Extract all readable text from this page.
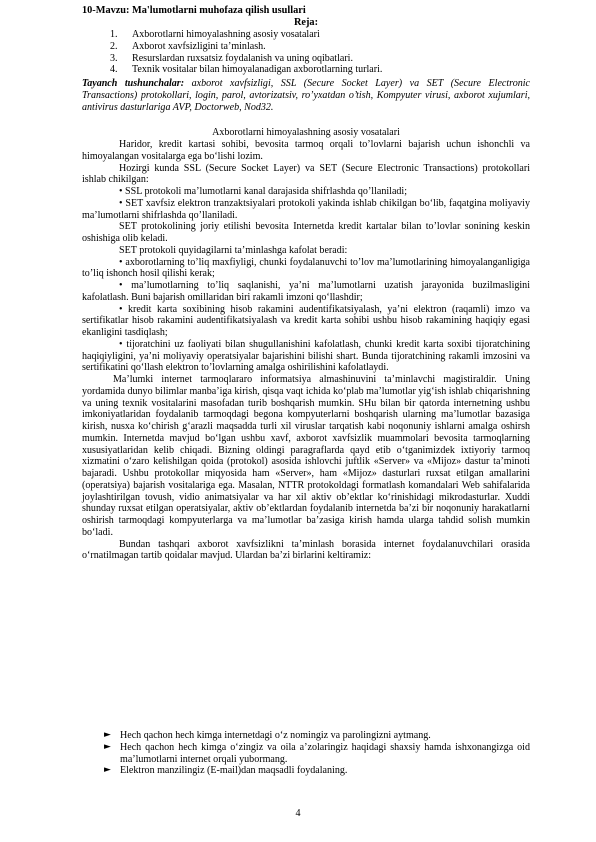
10-Mavzu: Ma'lumotlarni muhofaza qilish usullari
Reja:
1. Axborotlarni himoyalashning asosiy vosatalari
2. Axborot xavfsizligini ta’minlash.
3. Resurslardan ruxsatsiz foydalanish va uning oqibatlari.
4. Texnik vositalar bilan himoyalanadigan axborotlarning turlari.
Tayanch tushunchalar: axborot xavfsizligi, SSL (Secure Socket Layer) va SET (Secure Electronic Transactions) protokollari, login, parol, avtorizatsiv, ro’yxatdan o’tish, Kompyuter virusi, axborot xujumlari, antivirus dasturlariga AVP, Doctorweb, Nod32.
Axborotlarni himoyalashning asosiy vosatalari

Haridor, kredit kartasi sohibi, bevosita tarmoq orqali to’lovlarni bajarish uchun ishonchli va himoyalangan vositalarga ega bo‘lishi lozim.

Hozirgi kunda SSL (Secure Socket Layer) va SET (Secure Electronic Transactions) protokollari ishlab chikilgan:

• SSL protokoli ma’lumotlarni kanal darajasida shifrlashda qo’llaniladi;

• SET xavfsiz elektron tranzaktsiyalari protokoli yakinda ishlab chikilgan bo‘lib, faqatgina moliyaviy ma’lumotlarni shifrlashda qo’llaniladi.

SET protokolining joriy etilishi bevosita Internetda kredit kartalar bilan to’lovlar sonining keskin oshishiga olib keladi.

SET protokoli quyidagilarni ta’minlashga kafolat beradi:

• axborotlarning to’liq maxfiyligi, chunki foydalanuvchi to’lov ma’lumotlarining himoyalanganligiga to’liq ishonch hosil qilishi kerak;

• ma’lumotlarning to’liq saqlanishi, ya’ni ma’lumotlarni uzatish jarayonida buzilmasligini kafolatlash. Buni bajarish omillaridan biri rakamli imzoni qo‘llashdir;

• kredit karta soxibining hisob rakamini audentifikatsiyalash, ya’ni elektron (raqamli) imzo va sertifikatlar hisob rakamini audentifikatsiyalash va kredit karta sohibi ushbu hisob rakamining haqiqiy egasi ekanligini tasdiqlash;

• tijoratchini uz faoliyati bilan shugullanishini kafolatlash, chunki kredit karta soxibi tijoratchining haqiqiyligini, ya’ni moliyaviy operatsiyalar bajarishini bilishi shart. Bunda tijoratchining rakamli imzosini va sertifikatini qo‘llash elektron to’lovlarning amalga oshirilishini kafolatlaydi.

Ma’lumki internet tarmoqlararo informatsiya almashinuvini ta’minlavchi magistiraldir. Uning yordamida dunyo bilimlar manba’iga kirish, qisqa vaqt ichida ko‘plab ma’lumotlar yig‘ish ishlab chiqarishning va uning texnik vositalarini masofadan turib boshqarish mumkin. SHu bilan bir qatorda internetning ushbu imkoniyatlaridan foydalanib tarmoqdagi begona kompyuterlarni boshqarish ularning ma’lumotlar bazasiga kirish, nusxa ko‘chirish g‘arazli maqsadda turli xil viruslar tarqatish kabi noqonuniy ishlarni amalga oshirsh mumkin. Internetda mavjud bo‘lgan ushbu xavf, axborot xavfsizlik muammolari bevosita tarmoqlarning xususiyatlaridan kelib chiqadi. Bizning oldingi paragraflarda qayd etib o‘tganimizdek ixtiyoriy tarmoq xizmatini o‘zaro kelishilgan qoida (protokol) asosida ishlovchi juftlik «Server» va «Mijoz» dastur ta’minoti bajaradi. Ushbu protokollar miqyosida ham «Server», ham «Mijoz» dasturlari ruxsat etilgan amallarini (operatsiya) bajarish vositalariga ega. Masalan, NTTR protokoldagi formatlash komandalari Web sahifalarida joylashtirilgan tovush, vidio animatsiyalar va har xil aktiv ob’ektlar ko‘rinishidagi mikrodasturlar. Xuddi shunday ruxsat etilgan operatsiyalar, aktiv ob’ektlardan foydalanib internetda ba’zi bir noqonuniy harakatlarni oshirish tarmoqdagi kompyuterlarga va ma’lumotlar ba’zasiga kirish hamda ularga tahdid solish mumkin bo‘ladi.

Bundan tashqari axborot xavfsizlikni ta’minlash borasida internet foydalanuvchilari orasida o‘rnatilmagan tartib qoidalar mavjud. Ulardan ba’zi birlarini keltiramiz:

► Hech qachon hech kimga internetdagi o‘z nomingiz va parolingizni aytmang.
► Hech qachon hech kimga o‘zingiz va oila a’zolaringiz haqidagi shaxsiy hamda ishxonangizga oid ma’lumotlarni internet orqali yubormang.
► Elektron manzilingiz (E-mail)dan maqsadli foydalaning.
4
